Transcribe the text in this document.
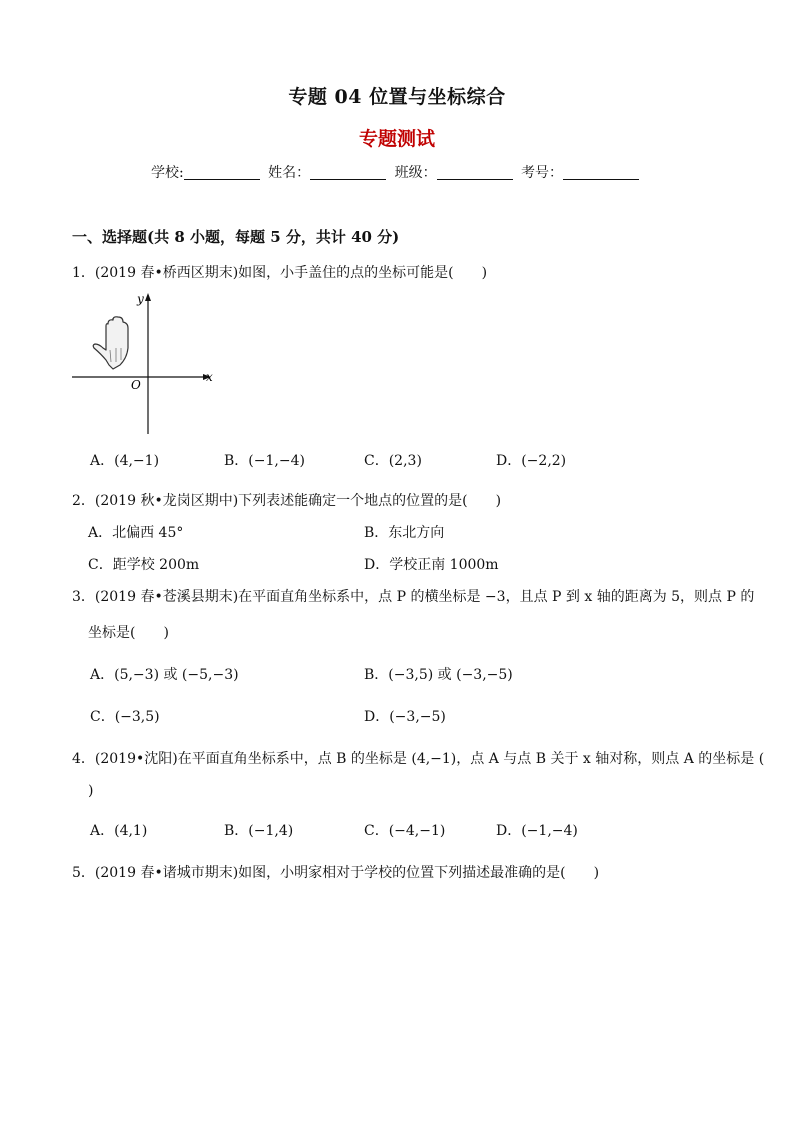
专题 04 位置与坐标综合
专题测试
学校:	姓名：	班级：	考号：
一、选择题(共 8 小题，每题 5 分，共计 40 分)
1．(2019 春•桥西区期末)如图，小手盖住的点的坐标可能是(　　)
y
x
O
A．(4,−1)	B．(−1,−4)	C．(2,3)	D．(−2,2)
2．(2019 秋•龙岗区期中)下列表述能确定一个地点的位置的是(　　)
A．北偏西 45°	B．东北方向
C．距学校 200m	D．学校正南 1000m
3．(2019 春•苍溪县期末)在平面直角坐标系中，点 P 的横坐标是 −3，且点 P 到 x 轴的距离为 5，则点 P 的
坐标是(　　)
A．(5,−3) 或 (−5,−3)	B．(−3,5) 或 (−3,−5)
C．(−3,5)	D．(−3,−5)
4．(2019•沈阳)在平面直角坐标系中，点 B 的坐标是 (4,−1)，点 A 与点 B 关于 x 轴对称，则点 A 的坐标是 (
)
A．(4,1)	B．(−1,4)	C．(−4,−1)	D．(−1,−4)
5．(2019 春•诸城市期末)如图，小明家相对于学校的位置下列描述最准确的是(　　)
